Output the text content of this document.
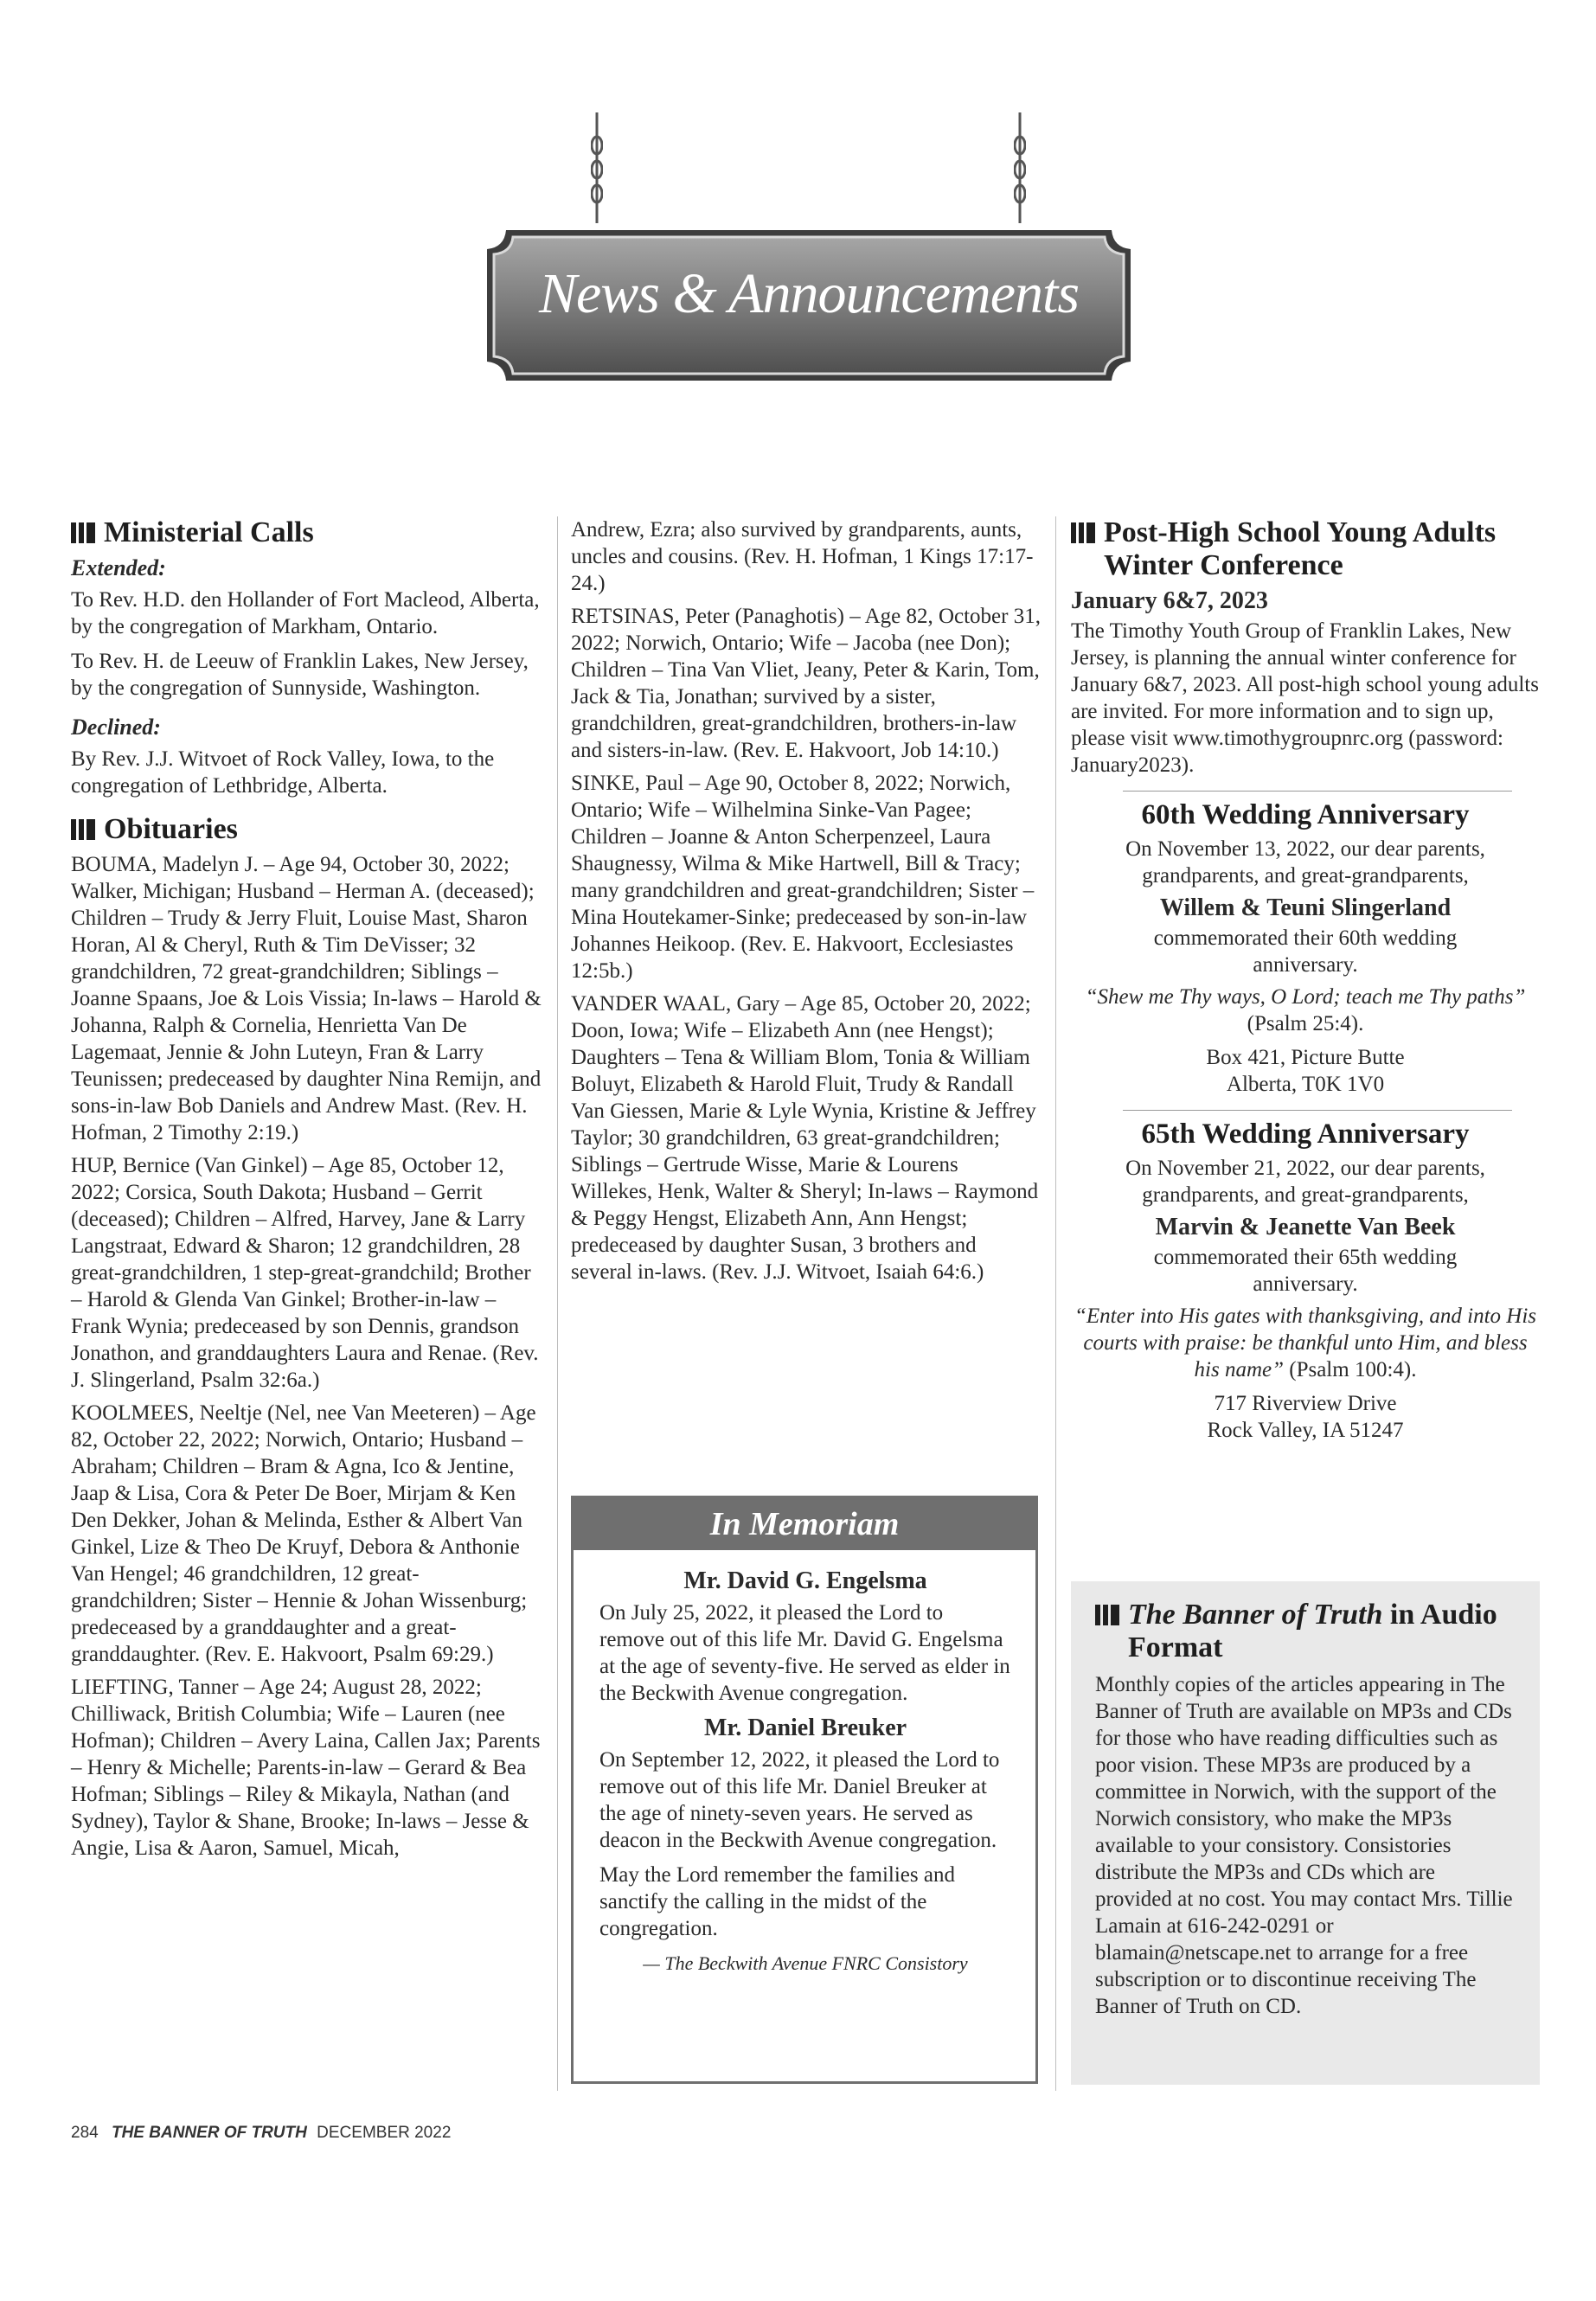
News & Announcements
Ministerial Calls
Extended:

To Rev. H.D. den Hollander of Fort Macleod, Alberta, by the congregation of Markham, Ontario.

To Rev. H. de Leeuw of Franklin Lakes, New Jersey, by the congregation of Sunnyside, Washington.

Declined:

By Rev. J.J. Witvoet of Rock Valley, Iowa, to the congregation of Lethbridge, Alberta.

Obituaries

BOUMA, Madelyn J. – Age 94, October 30, 2022; Walker, Michigan; Husband – Herman A. (deceased); Children – Trudy & Jerry Fluit, Louise Mast, Sharon Horan, Al & Cheryl, Ruth & Tim DeVisser; 32 grandchildren, 72 great-grandchildren; Siblings – Joanne Spaans, Joe & Lois Vissia; In-laws – Harold & Johanna, Ralph & Cornelia, Henrietta Van De Lagemaat, Jennie & John Luteyn, Fran & Larry Teunissen; predeceased by daughter Nina Remijn, and sons-in-law Bob Daniels and Andrew Mast. (Rev. H. Hofman, 2 Timothy 2:19.)

HUP, Bernice (Van Ginkel) – Age 85, October 12, 2022; Corsica, South Dakota; Husband – Gerrit (deceased); Children – Alfred, Harvey, Jane & Larry Langstraat, Edward & Sharon; 12 grandchildren, 28 great-grandchildren, 1 step-great-grandchild; Brother – Harold & Glenda Van Ginkel; Brother-in-law – Frank Wynia; predeceased by son Dennis, grandson Jonathon, and granddaughters Laura and Renae. (Rev. J. Slingerland, Psalm 32:6a.)

KOOLMEES, Neeltje (Nel, nee Van Meeteren) – Age 82, October 22, 2022; Norwich, Ontario; Husband – Abraham; Children – Bram & Agna, Ico & Jentine, Jaap & Lisa, Cora & Peter De Boer, Mirjam & Ken Den Dekker, Johan & Melinda, Esther & Albert Van Ginkel, Lize & Theo De Kruyf, Debora & Anthonie Van Hengel; 46 grandchildren, 12 great-grandchildren; Sister – Hennie & Johan Wissenburg; predeceased by a granddaughter and a great-granddaughter. (Rev. E. Hakvoort, Psalm 69:29.)

LIEFTING, Tanner – Age 24; August 28, 2022; Chilliwack, British Columbia; Wife – Lauren (nee Hofman); Children – Avery Laina, Callen Jax; Parents – Henry & Michelle; Parents-in-law – Gerard & Bea Hofman; Siblings – Riley & Mikayla, Nathan (and Sydney), Taylor & Shane, Brooke; In-laws – Jesse & Angie, Lisa & Aaron, Samuel, Micah,

Andrew, Ezra; also survived by grandparents, aunts, uncles and cousins. (Rev. H. Hofman, 1 Kings 17:17-24.)

RETSINAS, Peter (Panaghotis) – Age 82, October 31, 2022; Norwich, Ontario; Wife – Jacoba (nee Don); Children – Tina Van Vliet, Jeany, Peter & Karin, Tom, Jack & Tia, Jonathan; survived by a sister, grandchildren, great-grandchildren, brothers-in-law and sisters-in-law. (Rev. E. Hakvoort, Job 14:10.)

SINKE, Paul – Age 90, October 8, 2022; Norwich, Ontario; Wife – Wilhelmina Sinke-Van Pagee; Children – Joanne & Anton Scherpenzeel, Laura Shaugnessy, Wilma & Mike Hartwell, Bill & Tracy; many grandchildren and great-grandchildren; Sister – Mina Houtekamer-Sinke; predeceased by son-in-law Johannes Heikoop. (Rev. E. Hakvoort, Ecclesiastes 12:5b.)

VANDER WAAL, Gary – Age 85, October 20, 2022; Doon, Iowa; Wife – Elizabeth Ann (nee Hengst); Daughters – Tena & William Blom, Tonia & William Boluyt, Elizabeth & Harold Fluit, Trudy & Randall Van Giessen, Marie & Lyle Wynia, Kristine & Jeffrey Taylor; 30 grandchildren, 63 great-grandchildren; Siblings – Gertrude Wisse, Marie & Lourens Willekes, Henk, Walter & Sheryl; In-laws – Raymond & Peggy Hengst, Elizabeth Ann, Ann Hengst; predeceased by daughter Susan, 3 brothers and several in-laws. (Rev. J.J. Witvoet, Isaiah 64:6.)

In Memoriam
Mr. David G. Engelsma

On July 25, 2022, it pleased the Lord to remove out of this life Mr. David G. Engelsma at the age of seventy-five. He served as elder in the Beckwith Avenue congregation.

Mr. Daniel Breuker

On September 12, 2022, it pleased the Lord to remove out of this life Mr. Daniel Breuker at the age of ninety-seven years. He served as deacon in the Beckwith Avenue congregation.

May the Lord remember the families and sanctify the calling in the midst of the congregation.

— The Beckwith Avenue FNRC Consistory
Post-High School Young Adults Winter Conference
January 6&7, 2023

The Timothy Youth Group of Franklin Lakes, New Jersey, is planning the annual winter conference for January 6&7, 2023. All post-high school young adults are invited. For more information and to sign up, please visit www.timothygroupnrc.org (password: January2023).

60th Wedding Anniversary

On November 13, 2022, our dear parents, grandparents, and great-grandparents,

Willem & Teuni Slingerland

commemorated their 60th wedding anniversary.

“Shew me Thy ways, O Lord; teach me Thy paths” (Psalm 25:4).

Box 421, Picture Butte
Alberta, T0K 1V0
65th Wedding Anniversary

On November 21, 2022, our dear parents, grandparents, and great-grandparents,

Marvin & Jeanette Van Beek

commemorated their 65th wedding anniversary.

“Enter into His gates with thanksgiving, and into His courts with praise: be thankful unto Him, and bless his name” (Psalm 100:4).

717 Riverview Drive
Rock Valley, IA 51247
The Banner of Truth in Audio Format

Monthly copies of the articles appearing in The Banner of Truth are available on MP3s and CDs for those who have reading difficulties such as poor vision. These MP3s are produced by a committee in Norwich, with the support of the Norwich consistory, who make the MP3s available to your consistory. Consistories distribute the MP3s and CDs which are provided at no cost. You may contact Mrs. Tillie Lamain at 616-242-0291 or blamain@netscape.net to arrange for a free subscription or to discontinue receiving The Banner of Truth on CD.

284 THE BANNER OF TRUTH DECEMBER 2022
